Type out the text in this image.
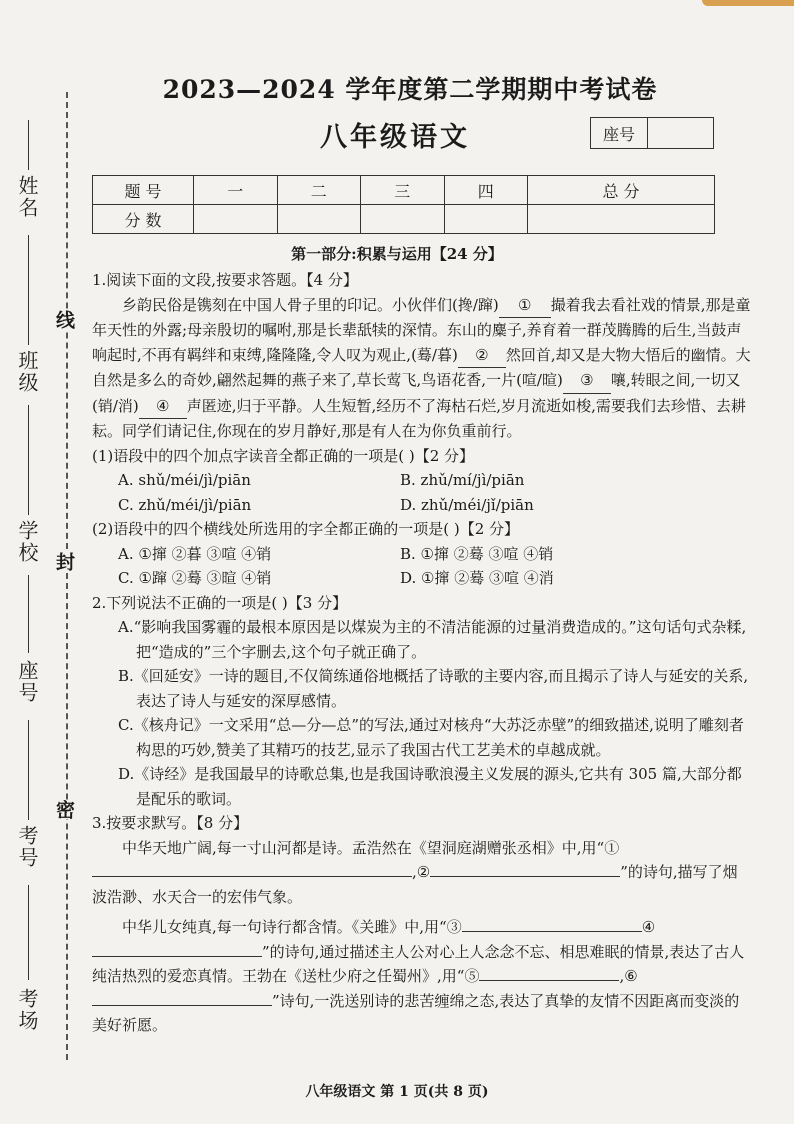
姓名
班级
学校
座号
考号
考场
线
封
密
2023—2024 学年度第二学期期中考试卷
八年级语文	座号
题 号	一	二	三	四	总 分
分 数					
第一部分:积累与运用【24 分】

1.阅读下面的文段,按要求答题。【4 分】

乡韵民俗是镌刻在中国人骨子里的印记。小伙伴们(搀/蹿) ① 撮着我去看社戏的情景,那是童年天性的外露;母亲殷切的嘱咐,那是长辈舐犊的深情。东山的麋子,养育着一群茂腾腾的后生,当鼓声响起时,不再有羁绊和束缚,隆隆隆,令人叹为观止,(蓦/暮) ② 然回首,却又是大物大悟后的幽情。大自然是多么的奇妙,翩然起舞的燕子来了,草长莺飞,鸟语花香,一片(喧/暄) ③ 嚷,转眼之间,一切又(销/消) ④ 声匿迹,归于平静。人生短暂,经历不了海枯石烂,岁月流逝如梭,需要我们去珍惜、去耕耘。同学们请记住,你现在的岁月静好,那是有人在为你负重前行。

(1)语段中的四个加点字读音全都正确的一项是( )【2 分】

A. shǔ/méi/jì/piān	B. zhǔ/mí/jì/piān
C. zhǔ/méi/jì/piān	D. zhǔ/méi/jǐ/piān

(2)语段中的四个横线处所选用的字全都正确的一项是( )【2 分】

A. ①撺 ②暮 ③喧 ④销	B. ①撺 ②蓦 ③喧 ④销
C. ①蹿 ②蓦 ③暄 ④销	D. ①撺 ②蓦 ③喧 ④消

2.下列说法不正确的一项是( )【3 分】

A.“影响我国雾霾的最根本原因是以煤炭为主的不清洁能源的过量消费造成的。”这句话句式杂糅,把“造成的”三个字删去,这个句子就正确了。

B.《回延安》一诗的题目,不仅简练通俗地概括了诗歌的主要内容,而且揭示了诗人与延安的关系,表达了诗人与延安的深厚感情。

C.《核舟记》一文采用“总—分—总”的写法,通过对核舟“大苏泛赤壁”的细致描述,说明了雕刻者构思的巧妙,赞美了其精巧的技艺,显示了我国古代工艺美术的卓越成就。

D.《诗经》是我国最早的诗歌总集,也是我国诗歌浪漫主义发展的源头,它共有 305 篇,大部分都是配乐的歌词。

3.按要求默写。【8 分】

中华天地广阔,每一寸山河都是诗。孟浩然在《望洞庭湖赠张丞相》中,用“①,②	”的诗句,描写了烟波浩渺、水天合一的宏伟气象。

中华儿女纯真,每一句诗行都含情。《关雎》中,用“③	④”的诗句,通过描述主人公对心上人念念不忘、相思难眠的情景,表达了古人纯洁热烈的爱恋真情。王勃在《送杜少府之任蜀州》,用“⑤	,⑥”诗句,一洗送别诗的悲苦缠绵之态,表达了真挚的友情不因距离而变淡的美好祈愿。

八年级语文 第 1 页(共 8 页)
